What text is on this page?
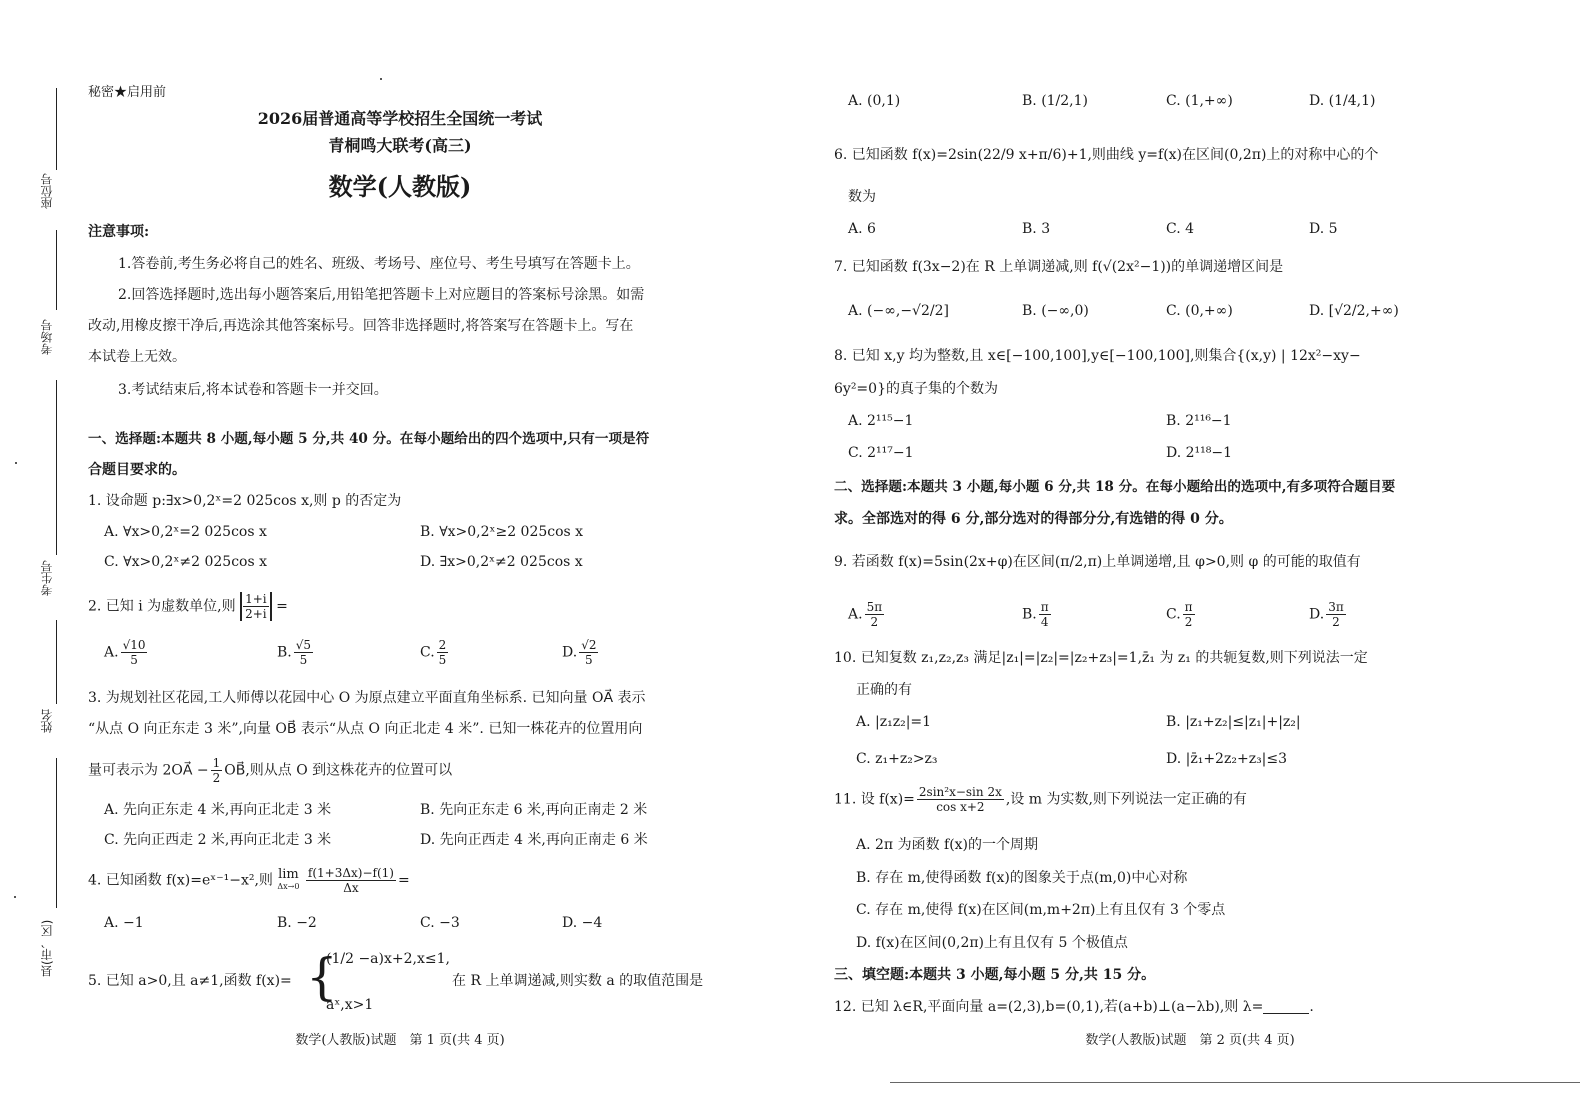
座位号
考场号
考生号
姓名
县(市、区)
秘密★启用前
2026届普通高等学校招生全国统一考试
青桐鸣大联考(高三)
数学(人教版)
注意事项:
1.答卷前,考生务必将自己的姓名、班级、考场号、座位号、考生号填写在答题卡上。
2.回答选择题时,选出每小题答案后,用铅笔把答题卡上对应题目的答案标号涂黑。如需
改动,用橡皮擦干净后,再选涂其他答案标号。回答非选择题时,将答案写在答题卡上。写在
本试卷上无效。
3.考试结束后,将本试卷和答题卡一并交回。
一、选择题:本题共 8 小题,每小题 5 分,共 40 分。在每小题给出的四个选项中,只有一项是符
合题目要求的。
1. 设命题 p:∃x>0,2ˣ=2 025cos x,则 p 的否定为
A. ∀x>0,2ˣ=2 025cos x	B. ∀x>0,2ˣ≥2 025cos x
C. ∀x>0,2ˣ≠2 025cos x	D. ∃x>0,2ˣ≠2 025cos x
2. 已知 i 为虚数单位,则 $\frac{1+i}{2+i}$ =
A. $\frac{√10}{5}$	B. $\frac{√5}{5}$	C. $\frac{2}{5}$	D. $\frac{√2}{5}$
3. 为规划社区花园,工人师傅以花园中心 O 为原点建立平面直角坐标系. 已知向量 OA⃗ 表示
“从点 O 向正东走 3 米”,向量 OB⃗ 表示“从点 O 向正北走 4 米”. 已知一株花卉的位置用向
量可表示为 2OA⃗ − $\frac{1}{2}$ OB⃗,则从点 O 到这株花卉的位置可以
A. 先向正东走 4 米,再向正北走 3 米	B. 先向正东走 6 米,再向正南走 2 米
C. 先向正西走 2 米,再向正北走 3 米	D. 先向正西走 4 米,再向正南走 6 米
4. 已知函数 f(x)=eˣ⁻¹−x²,则 lim
Δx→0
$\frac{f(1+3\Delta x)-f(1)}{\Delta x}$ =
A. −1	B. −2	C. −3	D. −4
5. 已知 a>0,且 a≠1,函数 f(x)= {
(1/2 −a)x+2,x≤1,
aˣ,x>1
在 R 上单调递减,则实数 a 的取值范围是
数学(人教版)试题　第 1 页(共 4 页)
A. (0,1)	B. (1/2,1)	C. (1,+∞)	D. (1/4,1)
6. 已知函数 f(x)=2sin(22/9 x+π/6)+1,则曲线 y=f(x)在区间(0,2π)上的对称中心的个
数为
A. 6	B. 3	C. 4	D. 5
7. 已知函数 f(3x−2)在 R 上单调递减,则 f(√(2x²−1))的单调递增区间是
A. (−∞,−√2/2]	B. (−∞,0)	C. (0,+∞)	D. [√2/2,+∞)
8. 已知 x,y 均为整数,且 x∈[−100,100],y∈[−100,100],则集合{(x,y) | 12x²−xy−
6y²=0}的真子集的个数为
A. 2¹¹⁵−1	B. 2¹¹⁶−1
C. 2¹¹⁷−1	D. 2¹¹⁸−1
二、选择题:本题共 3 小题,每小题 6 分,共 18 分。在每小题给出的选项中,有多项符合题目要
求。全部选对的得 6 分,部分选对的得部分分,有选错的得 0 分。
9. 若函数 f(x)=5sin(2x+φ)在区间(π/2,π)上单调递增,且 φ>0,则 φ 的可能的取值有
A. $\frac{5\pi}{2}$	B. $\frac{\pi}{4}$	C. $\frac{\pi}{2}$	D. $\frac{3\pi}{2}$
10. 已知复数 z₁,z₂,z₃ 满足|z₁|=|z₂|=|z₂+z₃|=1,z̄₁ 为 z₁ 的共轭复数,则下列说法一定
正确的有
A. |z₁z₂|=1	B. |z₁+z₂|≤|z₁|+|z₂|
C. z₁+z₂>z₃	D. |z̄₁+2z₂+z₃|≤3
11. 设 $f(x)= \frac{\text{2sin²x−sin 2x}}{\text{cos x+2}}$ ,设 m 为实数,则下列说法一定正确的有
A. 2π 为函数 f(x)的一个周期
B. 存在 m,使得函数 f(x)的图象关于点(m,0)中心对称
C. 存在 m,使得 f(x)在区间(m,m+2π)上有且仅有 3 个零点
D. f(x)在区间(0,2π)上有且仅有 5 个极值点
三、填空题:本题共 3 小题,每小题 5 分,共 15 分。
12. 已知 λ∈R,平面向量 a=(2,3),b=(0,1),若(a+b)⊥(a−λb),则 λ=	.
数学(人教版)试题　第 2 页(共 4 页)
